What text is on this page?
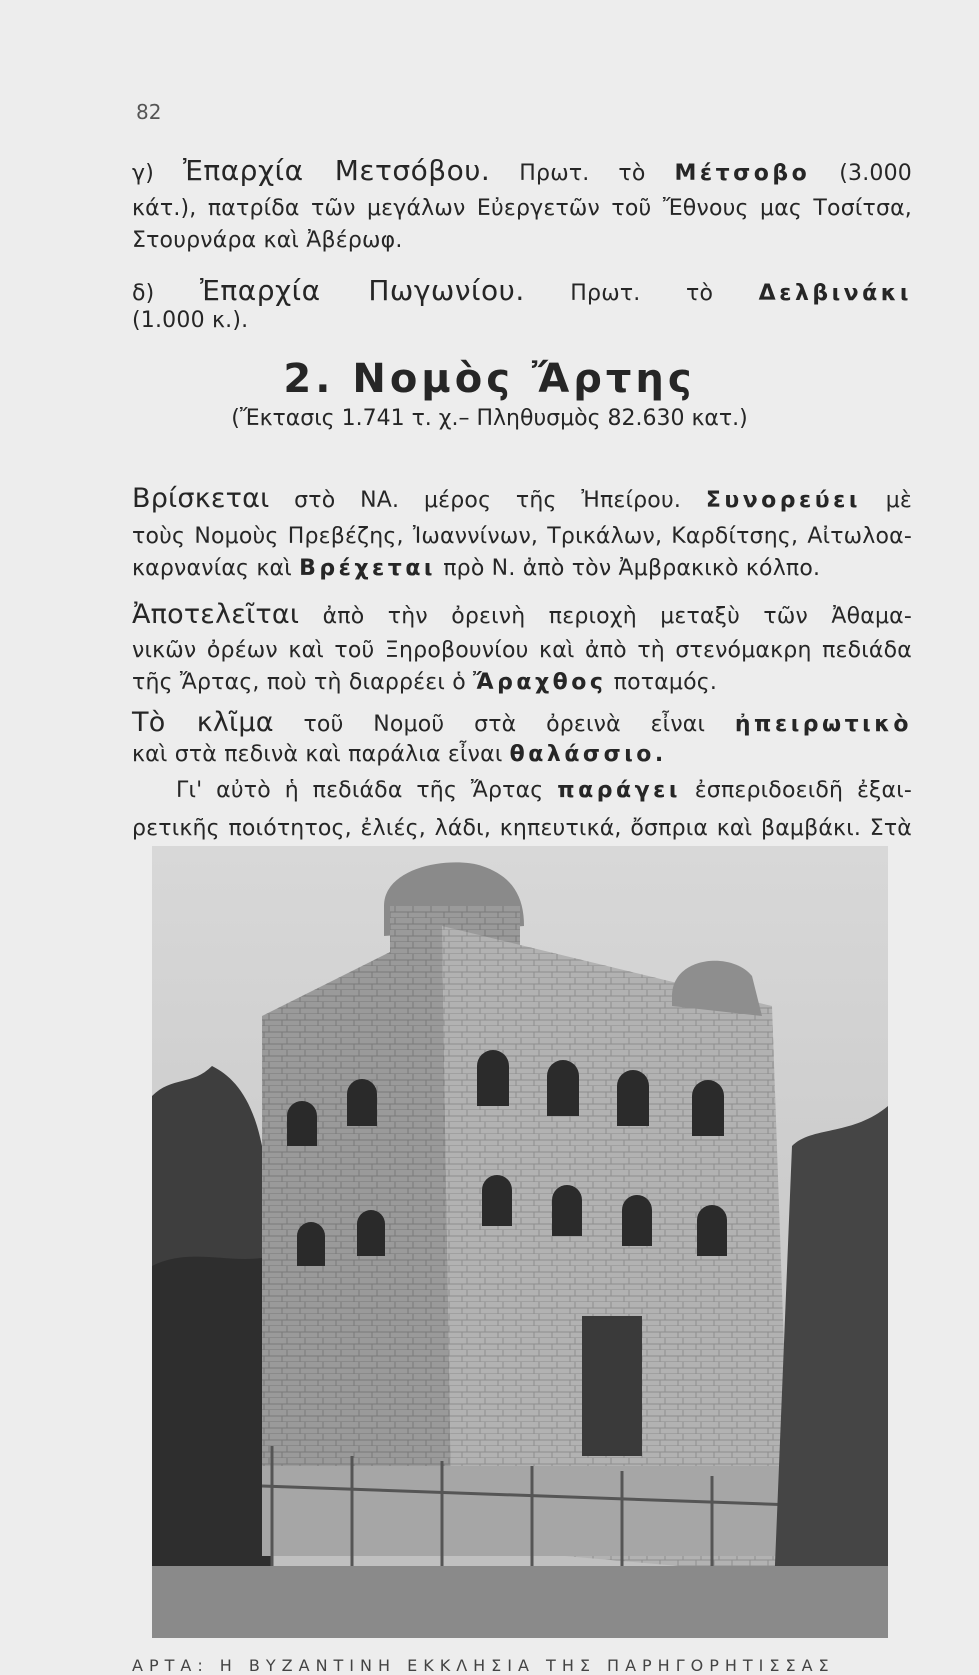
82
γ) Ἐπαρχία Μετσόβου. Πρωτ. τὸ Μέτσοβο (3.000
κάτ.), πατρίδα τῶν μεγάλων Εὐεργετῶν τοῦ Ἔθνους μας Τοσίτσα,
Στουρνάρα καὶ Ἀβέρωφ.
δ) Ἐπαρχία Πωγωνίου. Πρωτ. τὸ Δελβινάκι
(1.000 κ.).
2. Νομὸς Ἄρτης
(Ἔκτασις 1.741 τ. χ.– Πληθυσμὸς 82.630 κατ.)
Βρίσκεται στὸ ΝΑ. μέρος τῆς Ἠπείρου. Συνορεύει μὲ
τοὺς Νομοὺς Πρεβέζης, Ἰωαννίνων, Τρικάλων, Καρδίτσης, Αἰτωλοα-
καρνανίας καὶ Βρέχεται πρὸ Ν. ἀπὸ τὸν Ἀμβρακικὸ κόλπο.
Ἀποτελεῖται ἀπὸ τὴν ὀρεινὴ περιοχὴ μεταξὺ τῶν Ἀθαμα-
νικῶν ὀρέων καὶ τοῦ Ξηροβουνίου καὶ ἀπὸ τὴ στενόμακρη πεδιάδα
τῆς Ἄρτας, ποὺ τὴ διαρρέει ὁ Ἄραχθος ποταμός.
Τὸ κλῖμα τοῦ Νομοῦ στὰ ὀρεινὰ εἶναι ἠπειρωτικὸ
καὶ στὰ πεδινὰ καὶ παράλια εἶναι θαλάσσιο.
Γι' αὐτὸ ἡ πεδιάδα τῆς Ἄρτας παράγει ἐσπεριδοειδῆ ἐξαι-
ρετικῆς ποιότητος, ἐλιές, λάδι, κηπευτικά, ὄσπρια καὶ βαμβάκι. Στὰ
ΑΡΤΑ: Η ΒΥΖΑΝΤΙΝΗ ΕΚΚΛΗΣΙΑ ΤΗΣ ΠΑΡΗΓΟΡΗΤΙΣΣΑΣ
